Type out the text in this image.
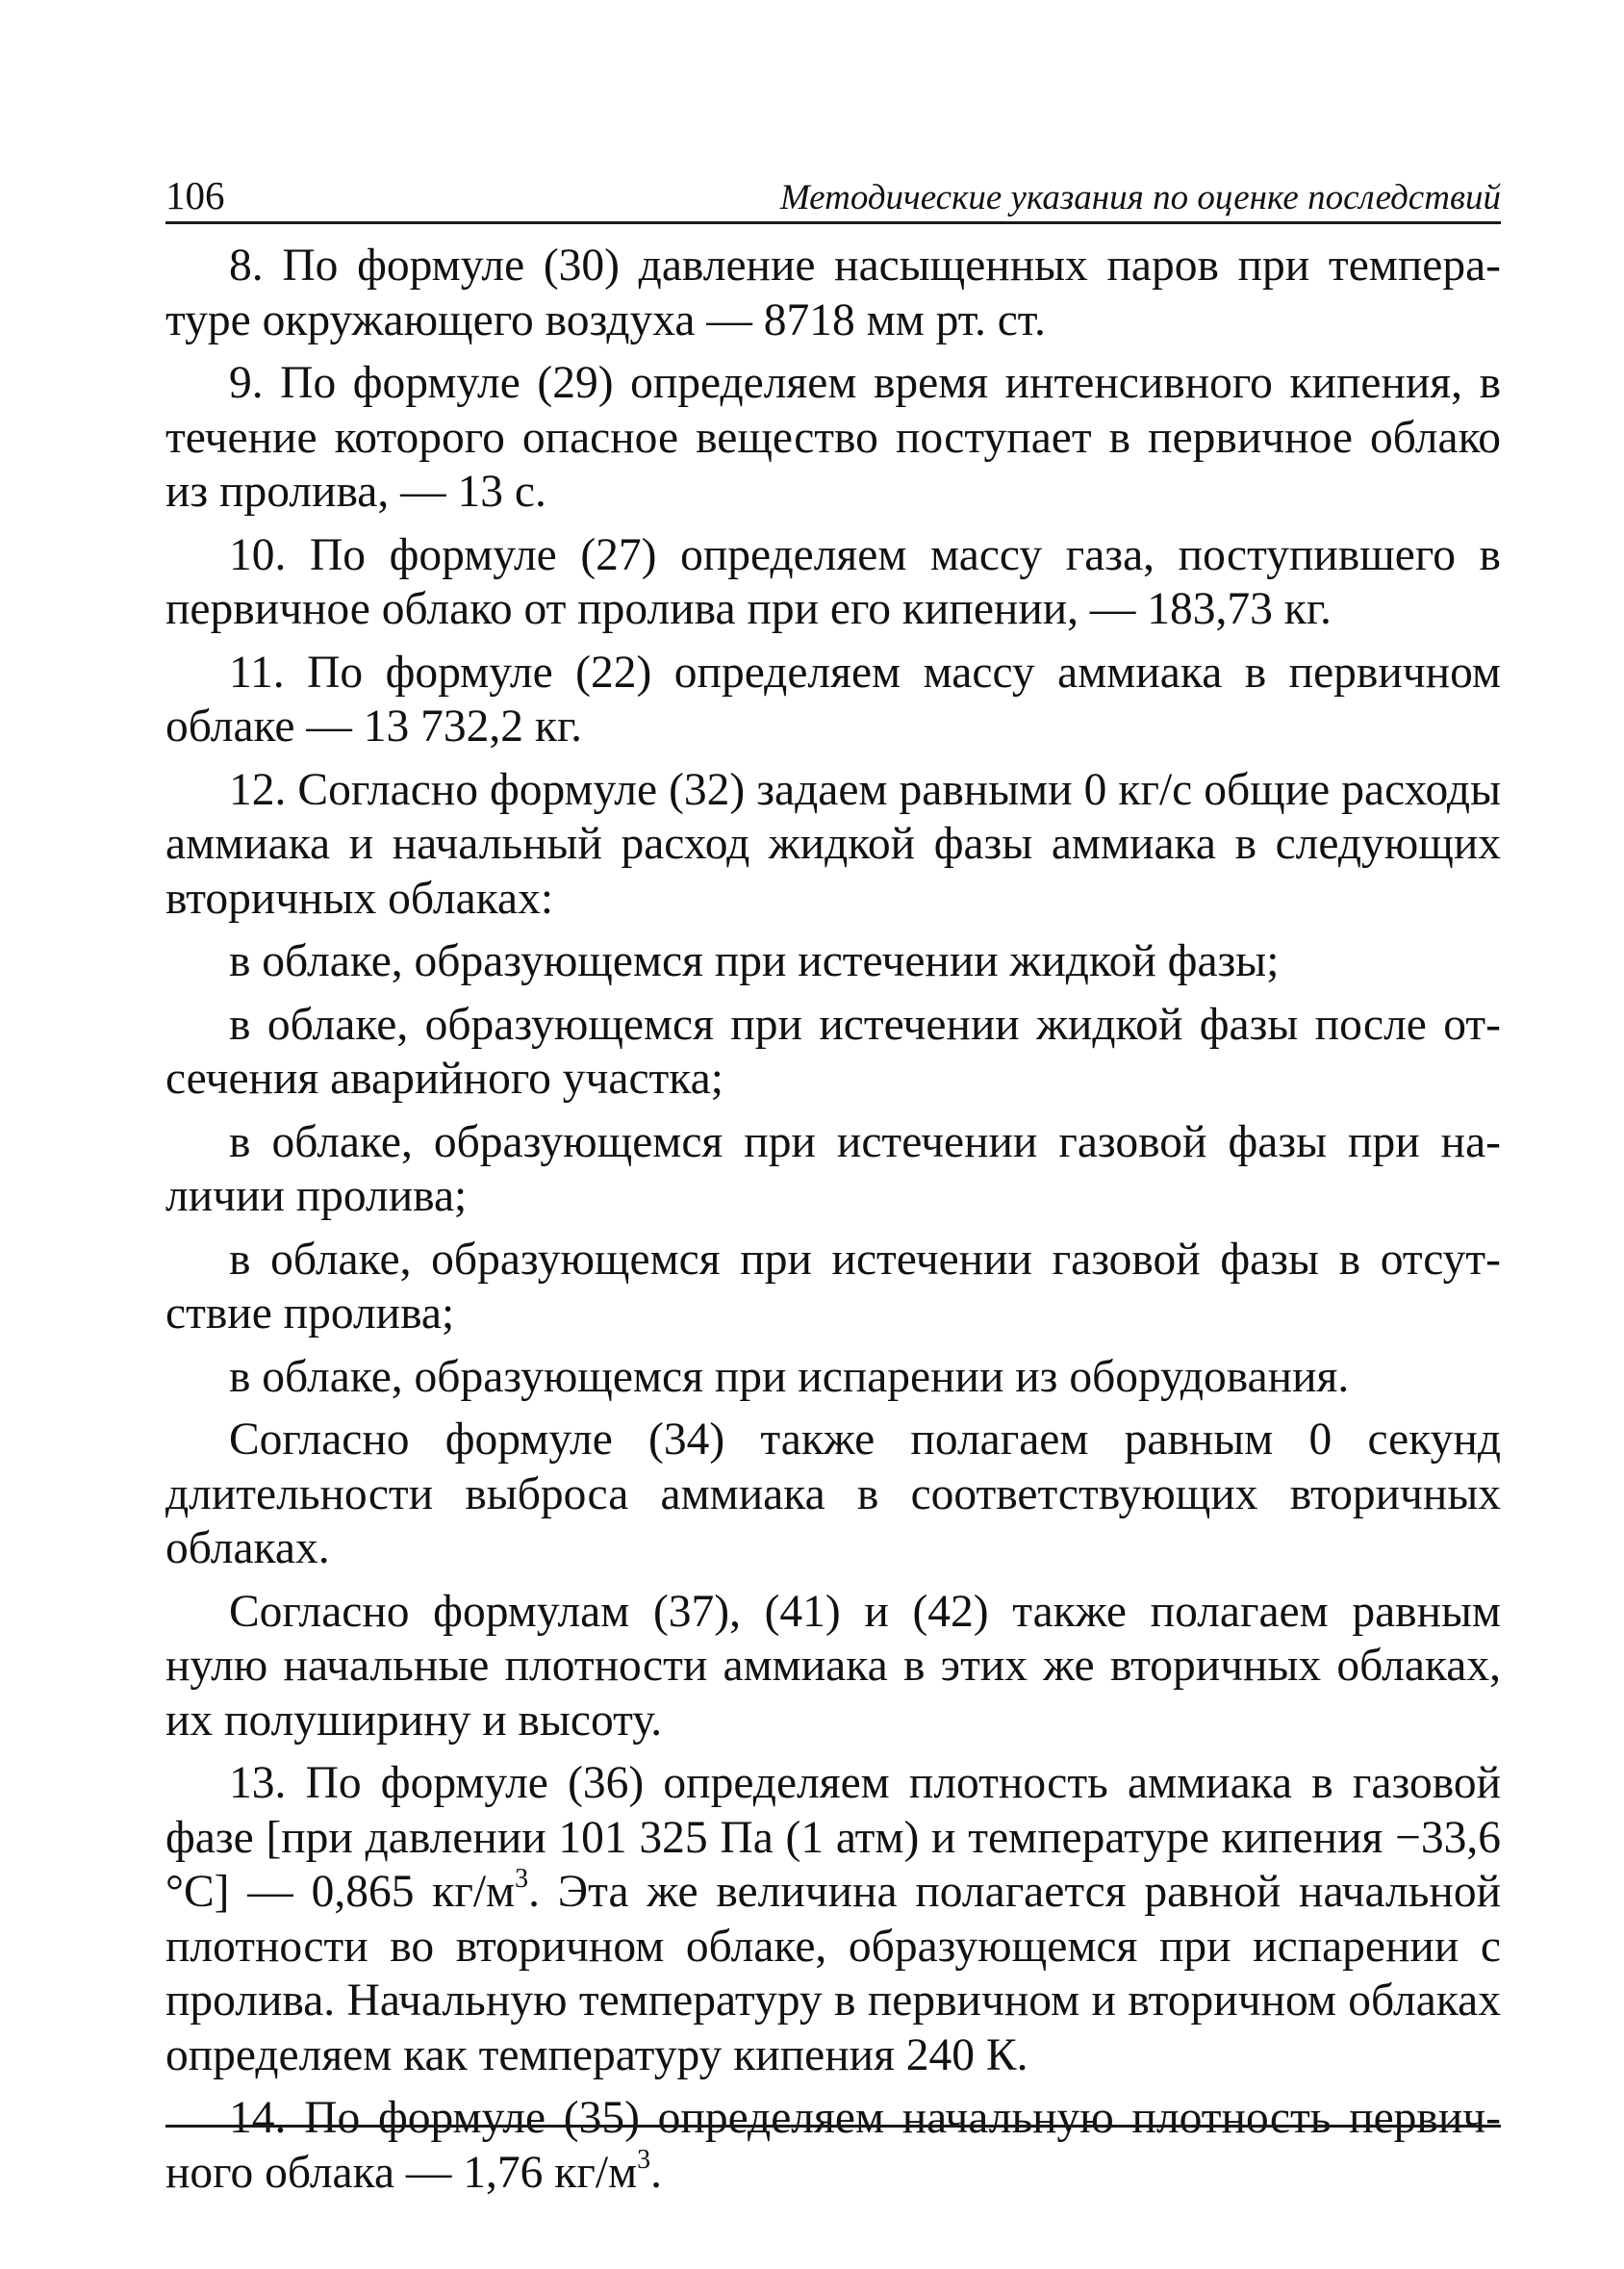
106	Методические указания по оценке последствий

8. По формуле (30) давление насыщенных паров при температуре окружающего воздуха — 8718 мм рт. ст.

9. По формуле (29) определяем время интенсивного кипения, в течение которого опасное вещество поступает в первичное облако из пролива, — 13 с.

10. По формуле (27) определяем массу газа, поступившего в первичное облако от пролива при его кипении, — 183,73 кг.

11. По формуле (22) определяем массу аммиака в первичном облаке — 13 732,2 кг.

12. Согласно формуле (32) задаем равными 0 кг/с общие расходы аммиака и начальный расход жидкой фазы аммиака в следующих вторичных облаках:

в облаке, образующемся при истечении жидкой фазы;

в облаке, образующемся при истечении жидкой фазы после отсечения аварийного участка;

в облаке, образующемся при истечении газовой фазы при наличии пролива;

в облаке, образующемся при истечении газовой фазы в отсутствие пролива;

в облаке, образующемся при испарении из оборудования.

Согласно формуле (34) также полагаем равным 0 секунд длительности выброса аммиака в соответствующих вторичных облаках.

Согласно формулам (37), (41) и (42) также полагаем равным нулю начальные плотности аммиака в этих же вторичных облаках, их полуширину и высоту.

13. По формуле (36) определяем плотность аммиака в газовой фазе [при давлении 101 325 Па (1 атм) и температуре кипения −33,6 °С] — 0,865 $кг/м^3$. Эта же величина полагается равной начальной плотности во вторичном облаке, образующемся при испарении с пролива. Начальную температуру в первичном и вторичном облаках определяем как температуру кипения 240 К.

14. По формуле (35) определяем начальную плотность первичного облака — 1,76 $кг/м^3$.
